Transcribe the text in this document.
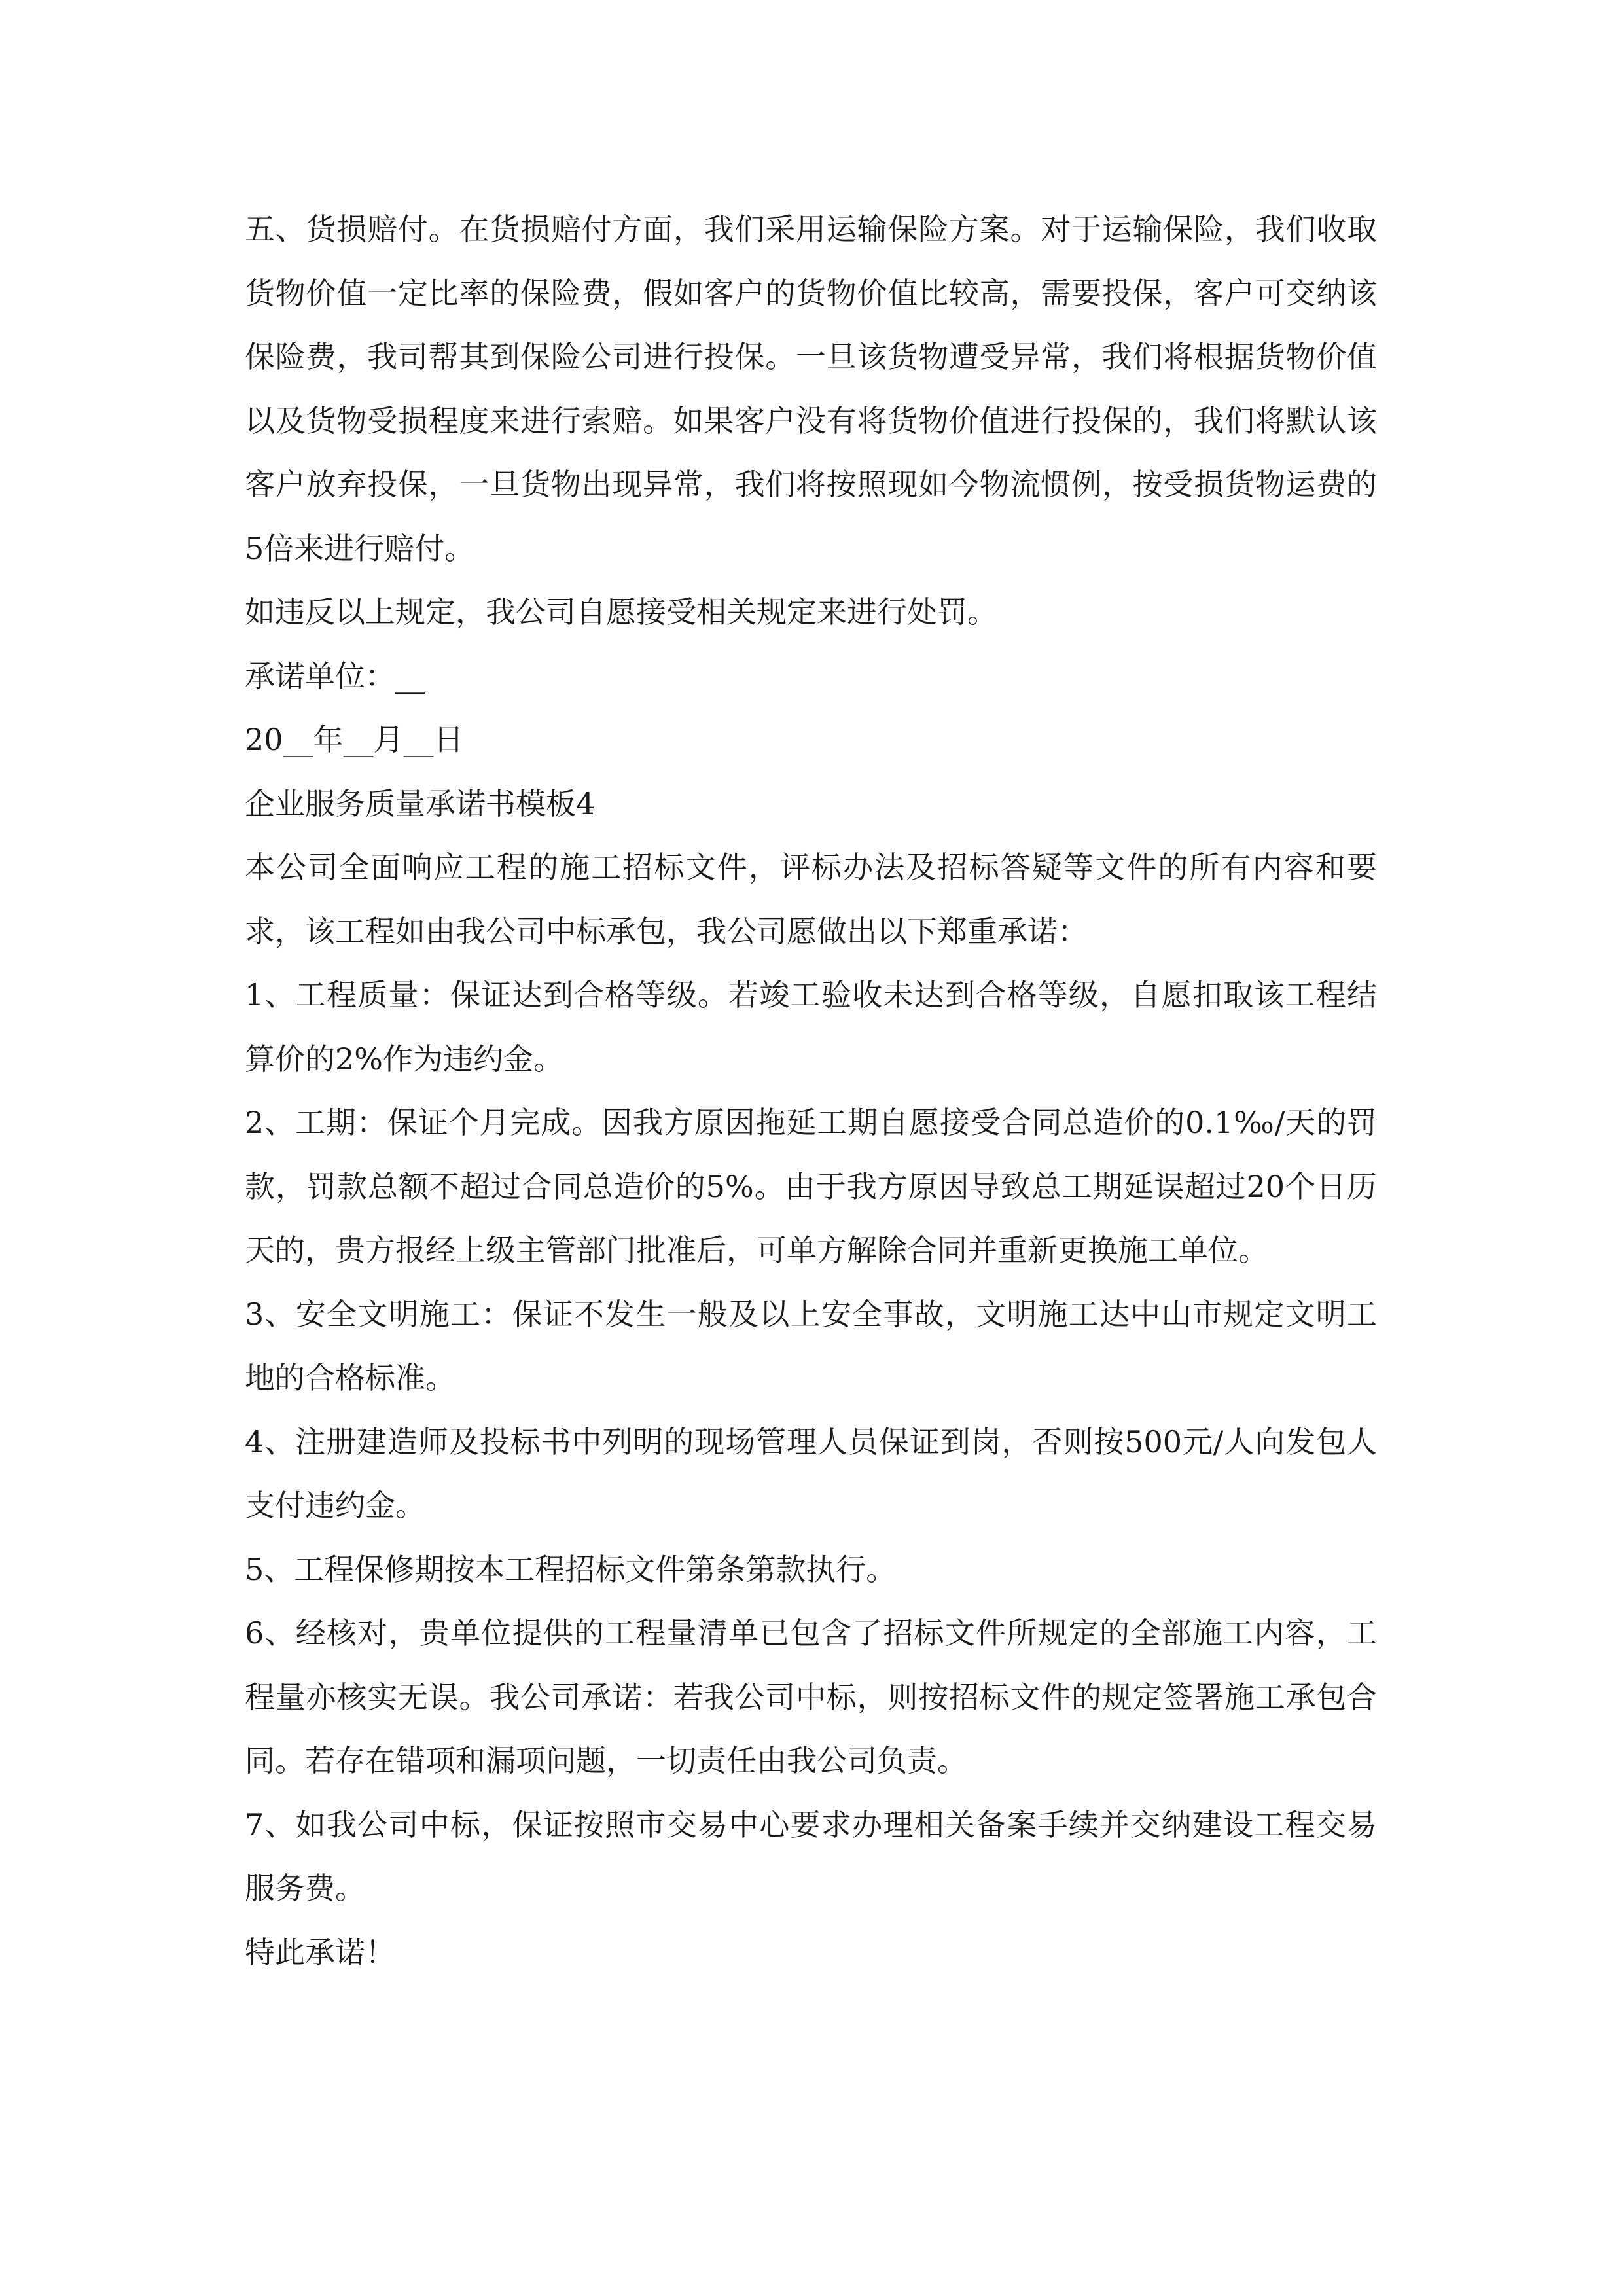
五、货损赔付。在货损赔付方面，我们采用运输保险方案。对于运输保险，我们收取货物价值一定比率的保险费，假如客户的货物价值比较高，需要投保，客户可交纳该保险费，我司帮其到保险公司进行投保。一旦该货物遭受异常，我们将根据货物价值以及货物受损程度来进行索赔。如果客户没有将货物价值进行投保的，我们将默认该客户放弃投保，一旦货物出现异常，我们将按照现如今物流惯例，按受损货物运费的5倍来进行赔付。

如违反以上规定，我公司自愿接受相关规定来进行处罚。

承诺单位：__

20__年__月__日

企业服务质量承诺书模板4

本公司全面响应工程的施工招标文件，评标办法及招标答疑等文件的所有内容和要求，该工程如由我公司中标承包，我公司愿做出以下郑重承诺：

1、工程质量：保证达到合格等级。若竣工验收未达到合格等级，自愿扣取该工程结算价的2%作为违约金。

2、工期：保证个月完成。因我方原因拖延工期自愿接受合同总造价的0.1‰/天的罚款，罚款总额不超过合同总造价的5%。由于我方原因导致总工期延误超过20个日历天的，贵方报经上级主管部门批准后，可单方解除合同并重新更换施工单位。

3、安全文明施工：保证不发生一般及以上安全事故，文明施工达中山市规定文明工地的合格标准。

4、注册建造师及投标书中列明的现场管理人员保证到岗，否则按500元/人向发包人支付违约金。

5、工程保修期按本工程招标文件第条第款执行。

6、经核对，贵单位提供的工程量清单已包含了招标文件所规定的全部施工内容，工程量亦核实无误。我公司承诺：若我公司中标，则按招标文件的规定签署施工承包合同。若存在错项和漏项问题，一切责任由我公司负责。

7、如我公司中标，保证按照市交易中心要求办理相关备案手续并交纳建设工程交易服务费。

特此承诺！
